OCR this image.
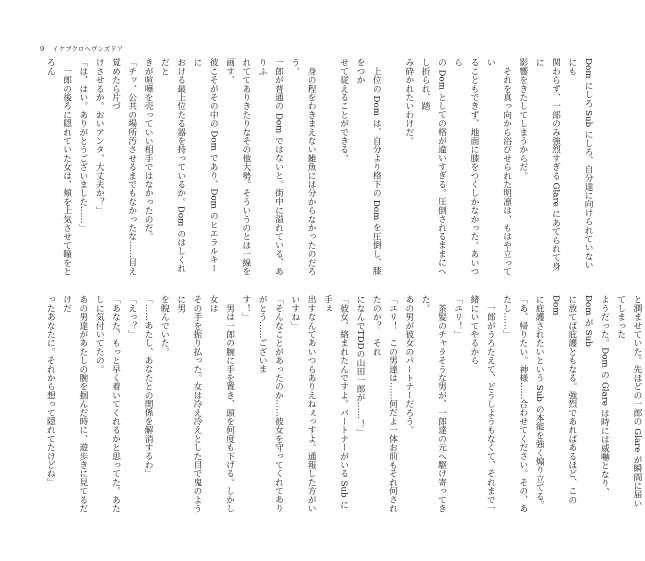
9 イケブクロヘヴンズドア

Dom にしろ Sub にしろ、自分達に向けられていないにも

関わらず、一部のみ強烈すぎる Glare にあてられて身に

影響をきたしてしまうからだ。

　それを真っ向から浴びせられた明凛は、もはや立ってい

ることもできず、地面に膝をつくしかなかった。あいつら

の Dom としての格が違いすぎる。圧倒されるままにへし折られ、踏

み砕かれたいわけだ。

　上位の Dom は、自分より格下の Dom を圧倒し、膝をつか

せて従えることができる。

　身の程をわきまえない雑魚には分からなかったのだろう。

一郎が普通の Dom ではないと。街中に溢れている、ありふ

れててありきたりなその他大勢。そういうのとは一線を画す、

彼こそがその中の Dom であり、Dom のヒエラルキーに

おける最上位たる器を持っているか。Dom のはしくれだと

きが喧嘩を売っていい相手ではなかったのだ。

「チッ、公共の場所汚させるまでもなかったな……目え覚めたら片づ

けさせるか。おいアンタ、大丈夫か？」

「は、はい。ありがとうございました……」

　一郎の後ろに隠れていた女は、頬を上気させて瞳をとろん

と潤ませていた。先ほどの一郎の Glare が瞬間に届いてしまった

ようだった。Dom の Glare は時には威嚇となり、Dom が Sub

に放てば庇護ともなる。強烈であればあるほど、この Dom

に庇護されたいという Sub の本能を強く煽り立てる。

「あ、帰りたい。神様……合わせてください。その、あたし……」

　一郎がうろたえて、どうしようもなくて、それまで一緒にいてやるから

「ユリ！」

　茶髪のチャラそうな男が、一郎達の元へ駆け寄ってきた。

あの男が彼女のパートナーだろう。

「ユリ！　この男達は……何だよ一体お前もそれ何されたのか？　それ

になんでTDDの山田一郎が……！」

「彼女、絡まれたんですよ。パートナーがいる Sub に手ぇ

出すなんてあいつらありえねぇっすよ。通報した方がいいすね」

「そんなことがあったのか……彼女を守ってくれてありがとう……ございま

す！」

　男は一郎の腕に手を置き、頭を何度も下げる。しかし女は

その手を振り払った。女は冷え冷えとした目で鬼のように男

を睨んでいた。

「……あたし、あなたとの関係を解消するわ」

「えっ？」

「あなた、もっと早く着いてくれるかと思ってた。あたしに気付いてたの。

あの男達があたしの腕を掴んだ時に、遊歩きに見てるだけだ

ったあなたに。それから想って隠れてたけどね」
